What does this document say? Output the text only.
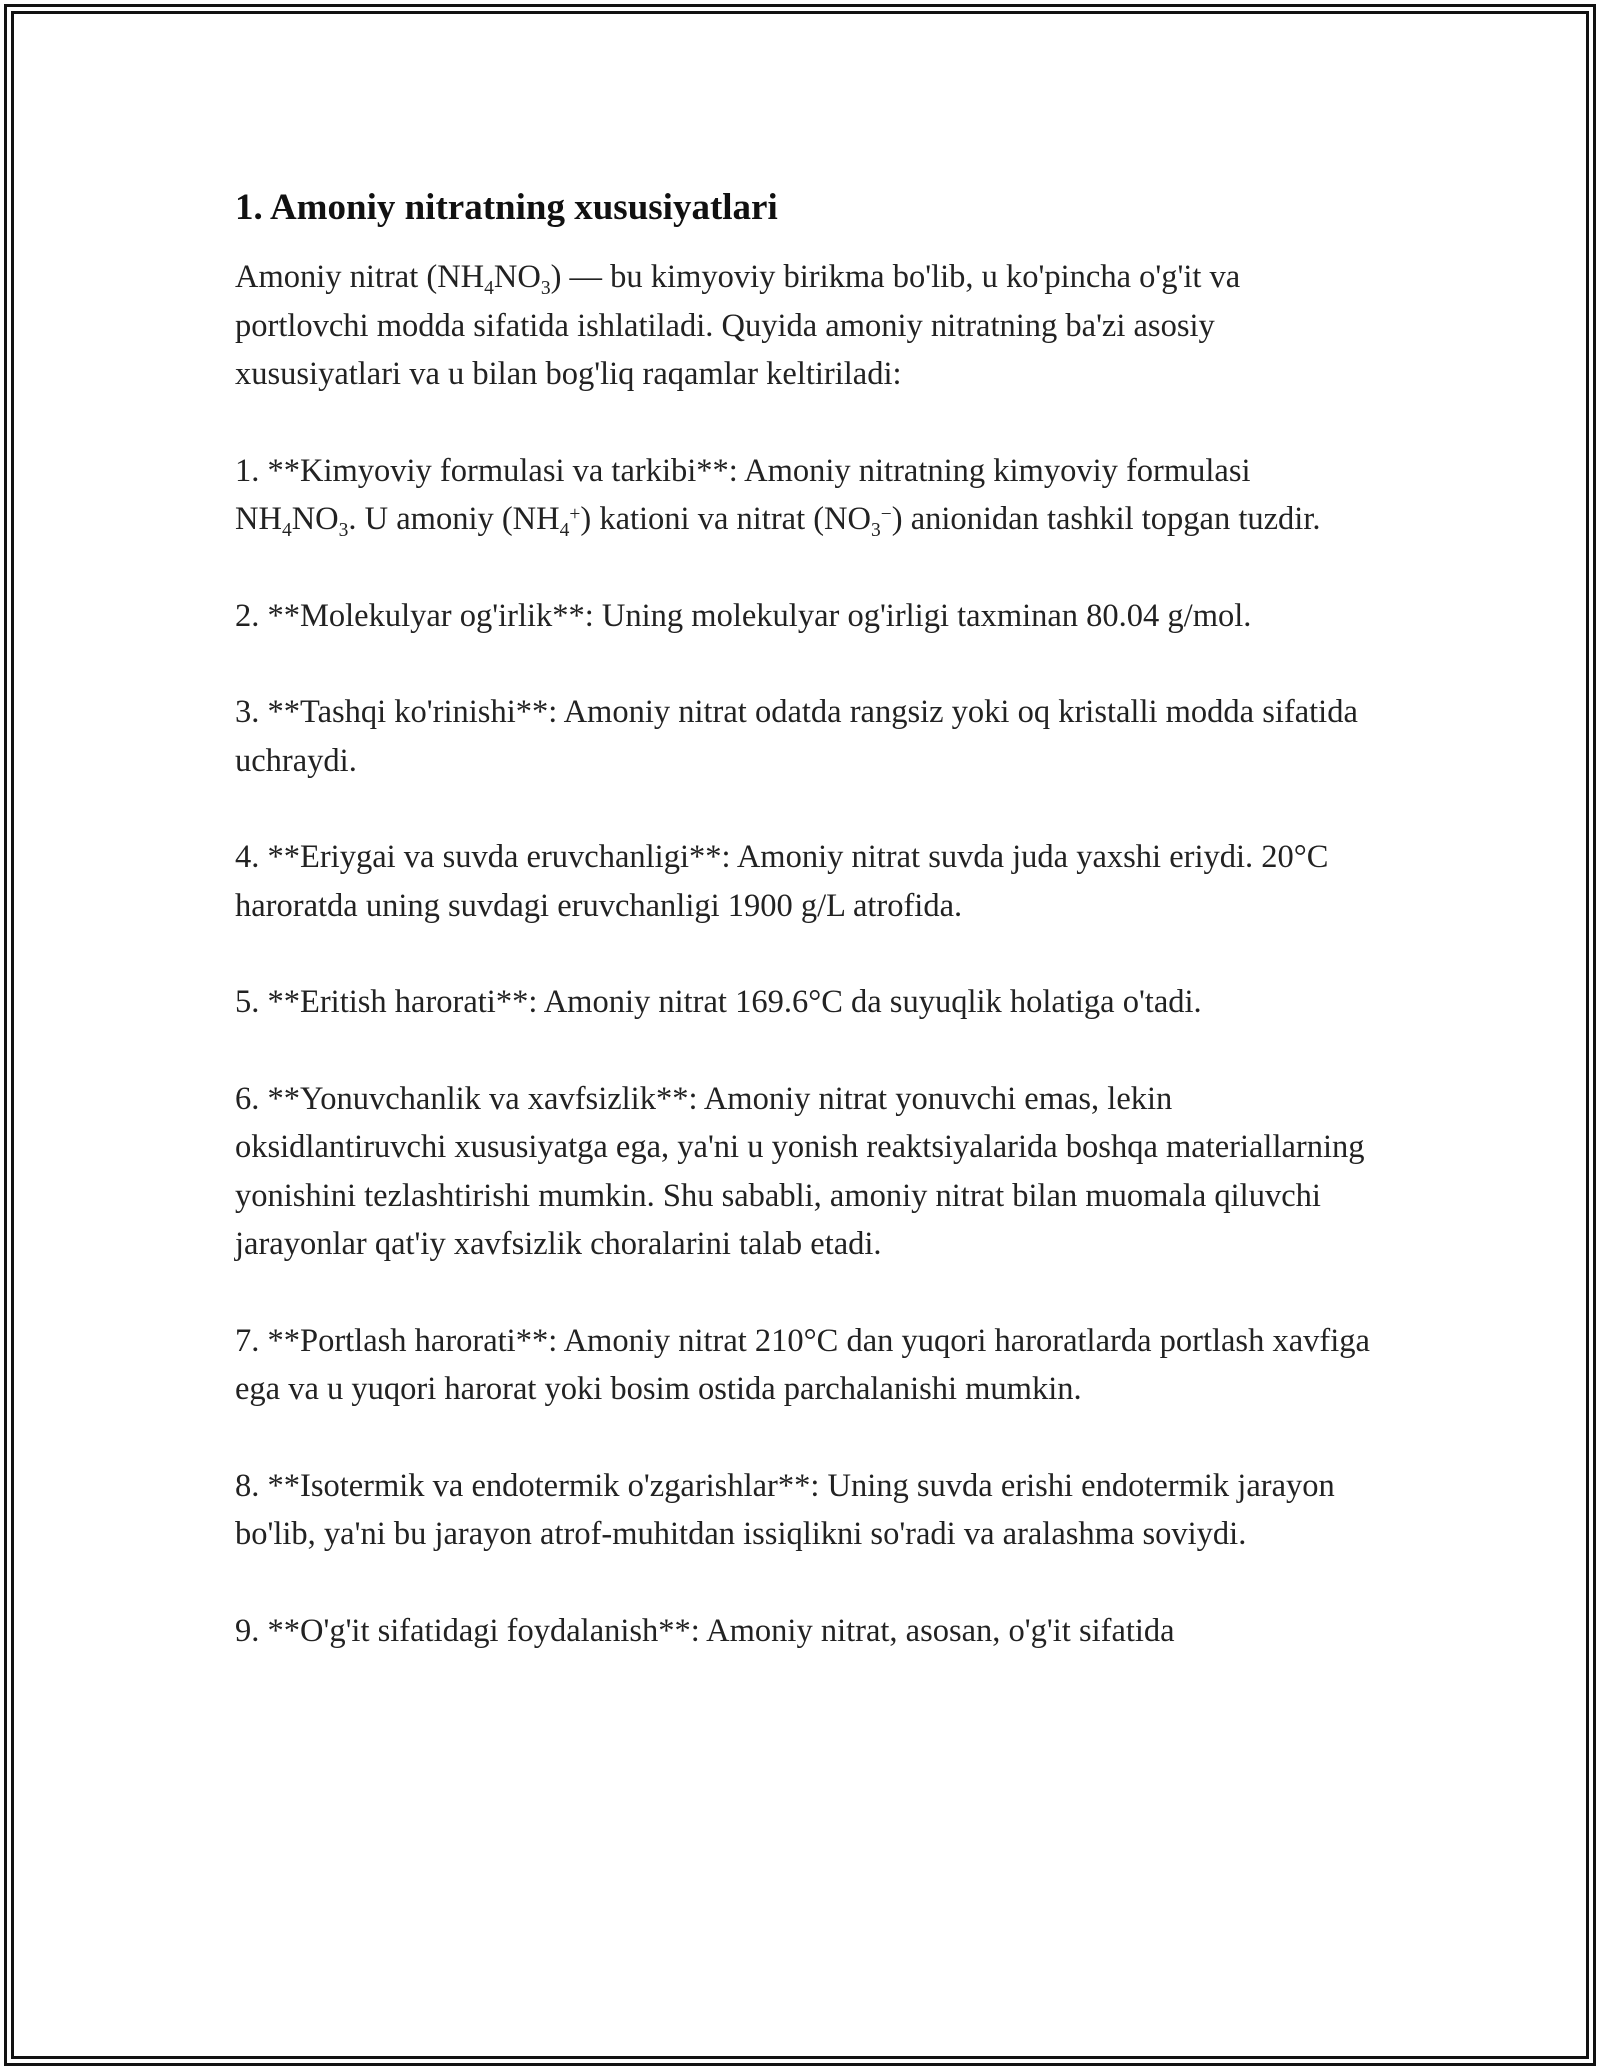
1. Amoniy nitratning xususiyatlari

Amoniy nitrat $(NH_4NO_3)$ — bu kimyoviy birikma bo'lib, u ko'pincha o'g'it va portlovchi modda sifatida ishlatiladi. Quyida amoniy nitratning ba'zi asosiy xususiyatlari va u bilan bog'liq raqamlar keltiriladi:

1. **Kimyoviy formulasi va tarkibi**: Amoniy nitratning kimyoviy formulasi $NH_4NO_3$. U amoniy $(NH_4^+)$ kationi va nitrat $(NO_3^-)$ anionidan tashkil topgan tuzdir.

2. **Molekulyar og'irlik**: Uning molekulyar og'irligi taxminan 80.04 g/mol.

3. **Tashqi ko'rinishi**: Amoniy nitrat odatda rangsiz yoki oq kristalli modda sifatida uchraydi.

4. **Eriygai va suvda eruvchanligi**: Amoniy nitrat suvda juda yaxshi eriydi. 20°C haroratda uning suvdagi eruvchanligi 1900 g/L atrofida.

5. **Eritish harorati**: Amoniy nitrat 169.6°C da suyuqlik holatiga o'tadi.

6. **Yonuvchanlik va xavfsizlik**: Amoniy nitrat yonuvchi emas, lekin oksidlantiruvchi xususiyatga ega, ya'ni u yonish reaktsiyalarida boshqa materiallarning yonishini tezlashtirishi mumkin. Shu sababli, amoniy nitrat bilan muomala qiluvchi jarayonlar qat'iy xavfsizlik choralarini talab etadi.

7. **Portlash harorati**: Amoniy nitrat 210°C dan yuqori haroratlarda portlash xavfiga ega va u yuqori harorat yoki bosim ostida parchalanishi mumkin.

8. **Isotermik va endotermik o'zgarishlar**: Uning suvda erishi endotermik jarayon bo'lib, ya'ni bu jarayon atrof-muhitdan issiqlikni so'radi va aralashma soviydi.

9. **O'g'it sifatidagi foydalanish**: Amoniy nitrat, asosan, o'g'it sifatida
